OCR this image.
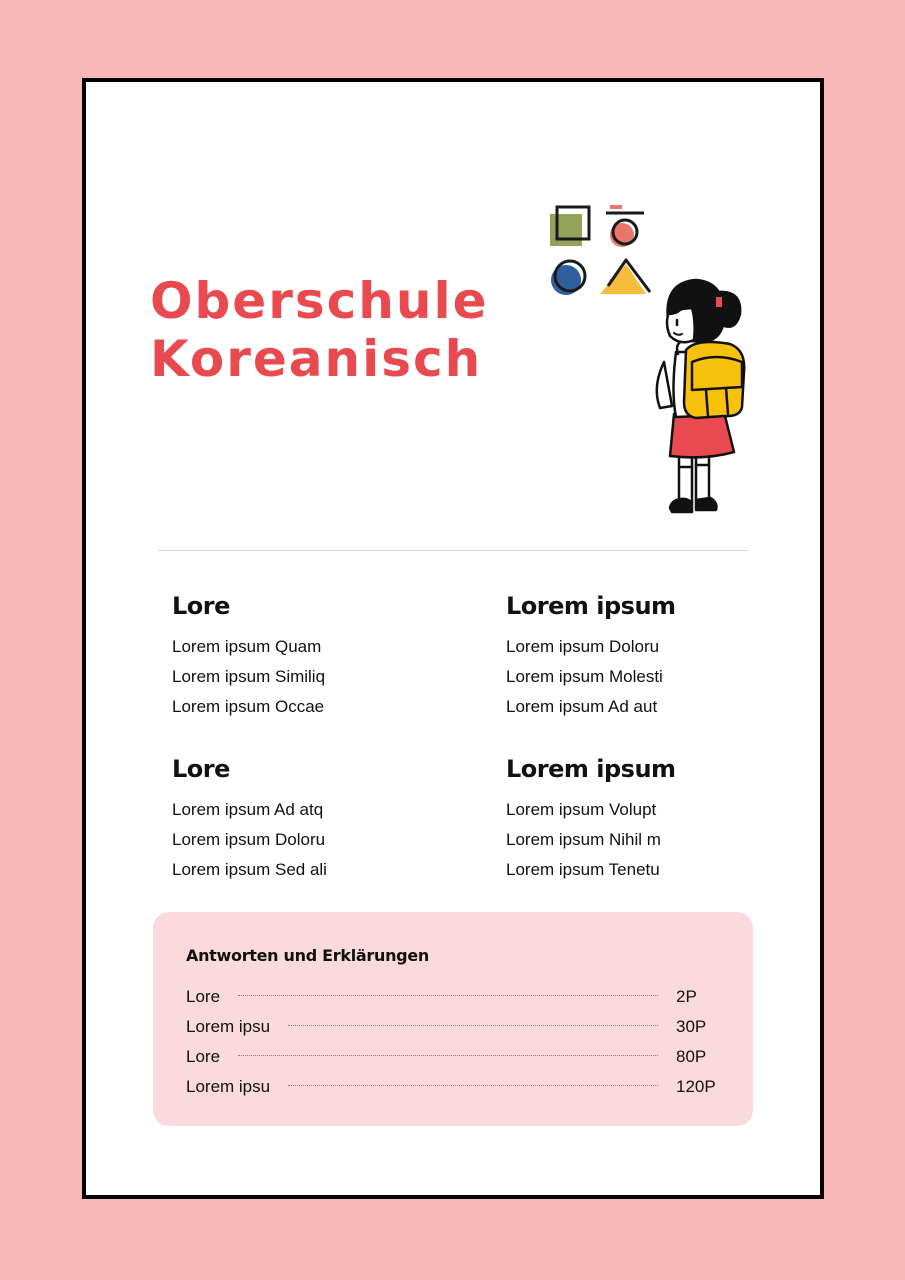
Oberschule
Koreanisch
Lore
Lorem ipsum Quam
Lorem ipsum Similiq
Lorem ipsum Occae
Lorem ipsum
Lorem ipsum Doloru
Lorem ipsum Molesti
Lorem ipsum Ad aut
Lore
Lorem ipsum Ad atq
Lorem ipsum Doloru
Lorem ipsum Sed ali
Lorem ipsum
Lorem ipsum Volupt
Lorem ipsum Nihil m
Lorem ipsum Tenetu
Antworten und Erklärungen
Lore	2P
Lorem ipsu	30P
Lore	80P
Lorem ipsu	120P
